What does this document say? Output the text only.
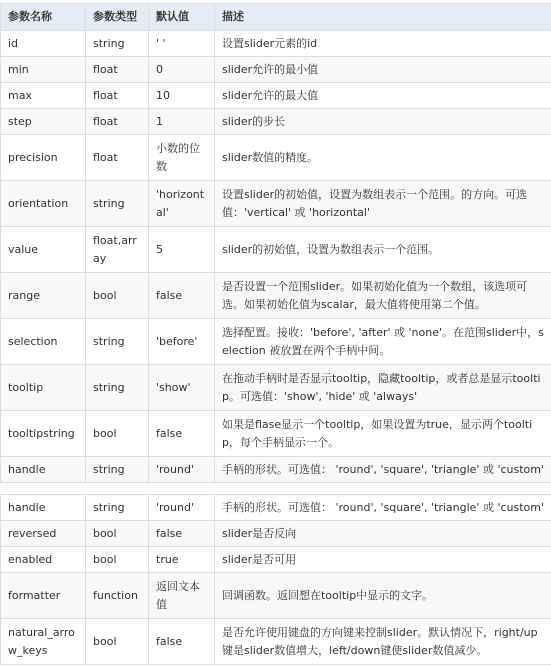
参数名称	参数类型	默认值	描述
id	string	' '	设置slider元素的id
min	float	0	slider允许的最小值
max	float	10	slider允许的最大值
step	float	1	slider的步长
precision	float	小数的位数	slider数值的精度。
orientation	string	'horizontal'	设置slider的初始值，设置为数组表示一个范围。的方向。可选值：'vertical' 或 'horizontal'
value	float,array	5	slider的初始值，设置为数组表示一个范围。
range	bool	false	是否设置一个范围slider。如果初始化值为一个数组，该选项可选。如果初始化值为scalar，最大值将使用第二个值。
selection	string	'before'	选择配置。接收：'before', 'after' 或 'none'。在范围slider中，selection 被放置在两个手柄中间。
tooltip	string	'show'	在拖动手柄时是否显示tooltip，隐藏tooltip，或者总是显示tooltip。可选值：'show', 'hide' 或 'always'
tooltipstring	bool	false	如果是flase显示一个tooltip，如果设置为true，显示两个tooltip，每个手柄显示一个。
handle	string	'round'	手柄的形状。可选值： 'round', 'square', 'triangle' 或 'custom'
handle	string	'round'	手柄的形状。可选值： 'round', 'square', 'triangle' 或 'custom'
reversed	bool	false	slider是否反向
enabled	bool	true	slider是否可用
formatter	function	返回文本值	回调函数。返回想在tooltip中显示的文字。
natural_arrow_keys	bool	false	是否允许使用键盘的方向键来控制slider。默认情况下，right/up键是slider数值增大，left/down键使slider数值减少。
